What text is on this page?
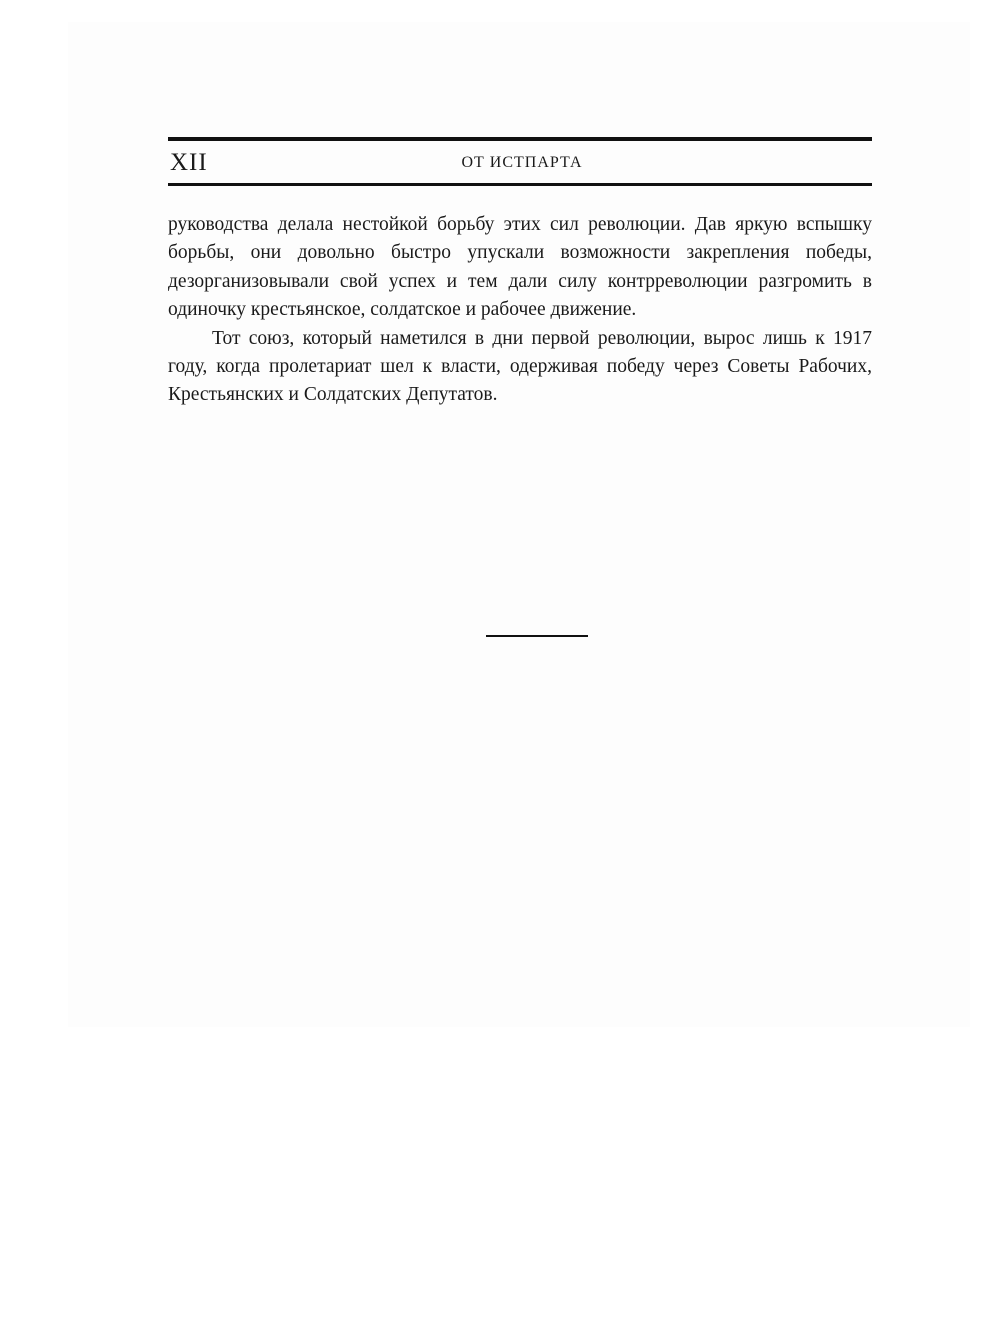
XII	ОТ ИСТПАРТА

руководства делала нестойкой борьбу этих сил революции. Дав яркую вспышку борьбы, они довольно быстро упускали возможности закрепления победы, дезорганизовывали свой успех и тем дали силу контрреволюции разгромить в одиночку крестьянское, солдатское и рабочее движение.

Тот союз, который наметился в дни первой революции, вырос лишь к 1917 году, когда пролетариат шел к власти, одерживая победу через Советы Рабочих, Крестьянских и Солдатских Депутатов.
